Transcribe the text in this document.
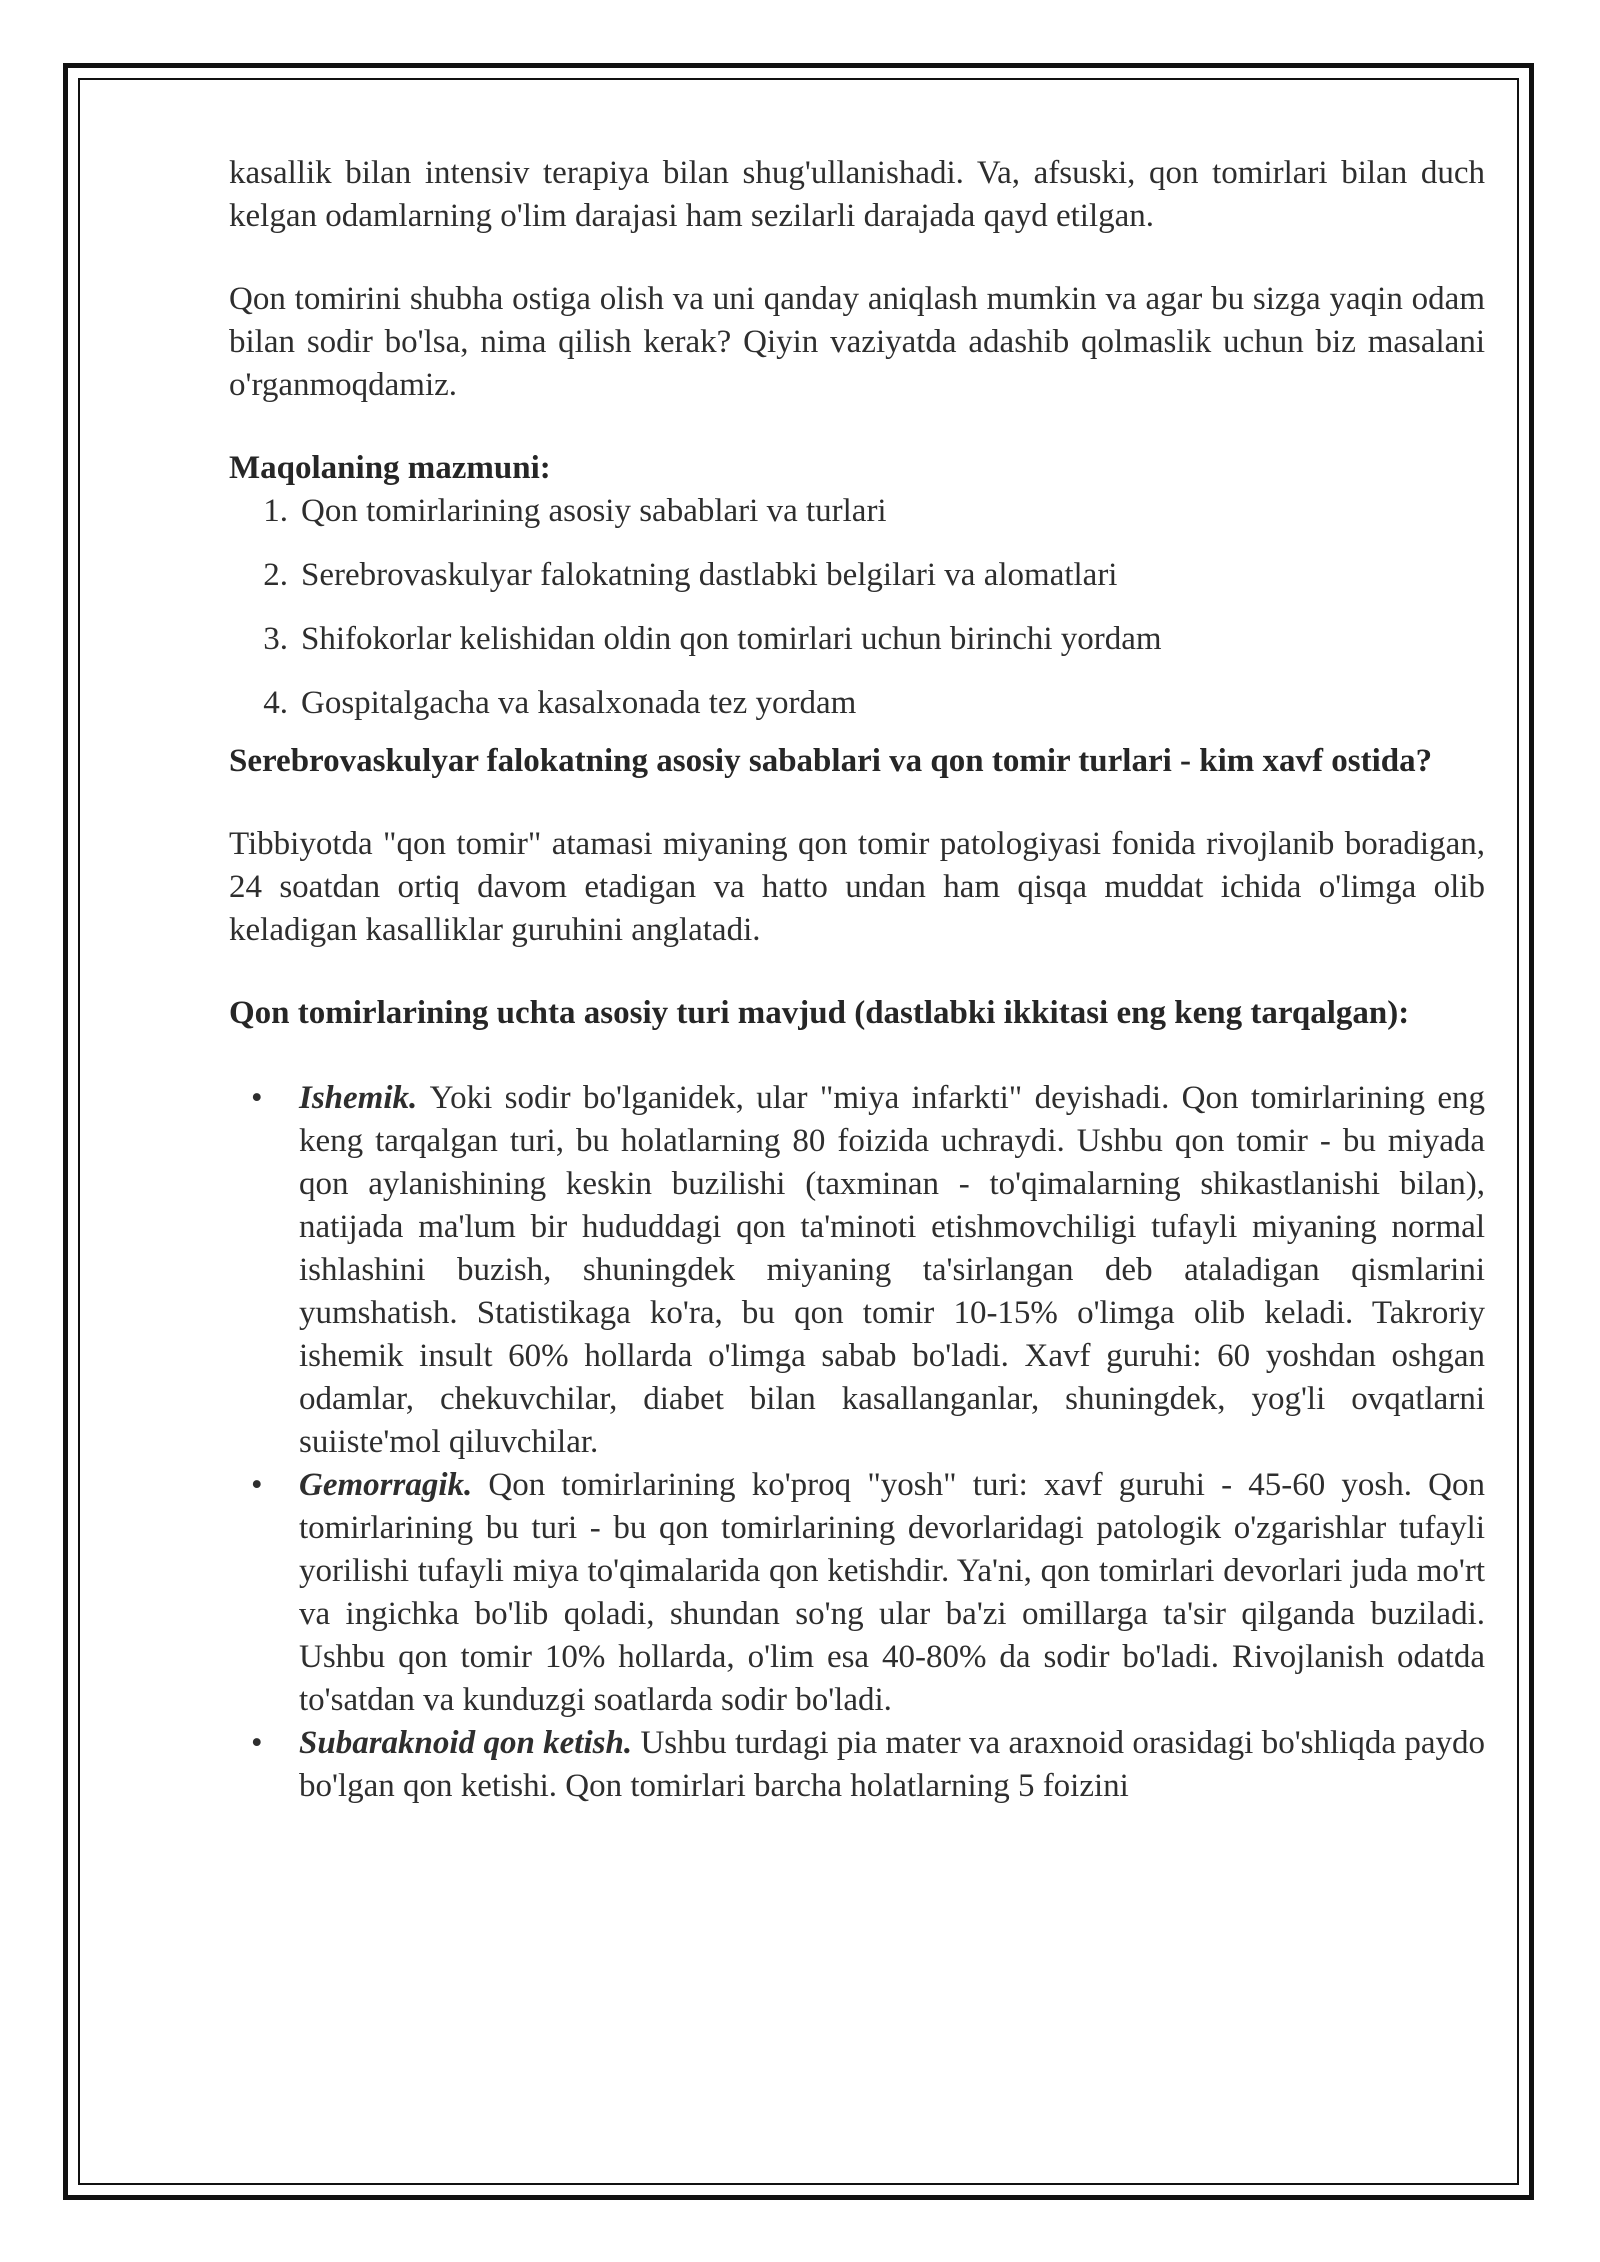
kasallik bilan intensiv terapiya bilan shug'ullanishadi. Va, afsuski, qon tomirlari bilan duch kelgan odamlarning o'lim darajasi ham sezilarli darajada qayd etilgan.

Qon tomirini shubha ostiga olish va uni qanday aniqlash mumkin va agar bu sizga yaqin odam bilan sodir bo'lsa, nima qilish kerak? Qiyin vaziyatda adashib qolmaslik uchun biz masalani o'rganmoqdamiz.

Maqolaning mazmuni:

1 . Qon tomirlarining asosiy sabablari va turlari
2 . Serebrovaskulyar falokatning dastlabki belgilari va alomatlari
3 . Shifokorlar kelishidan oldin qon tomirlari uchun birinchi yordam
4 . Gospitalgacha va kasalxonada tez yordam

Serebrovaskulyar falokatning asosiy sabablari va qon tomir turlari - kim xavf ostida?

Tibbiyotda "qon tomir" atamasi miyaning qon tomir patologiyasi fonida rivojlanib boradigan, 24 soatdan ortiq davom etadigan va hatto undan ham qisqa muddat ichida o'limga olib keladigan kasalliklar guruhini anglatadi.

Qon tomirlarining uchta asosiy turi mavjud (dastlabki ikkitasi eng keng tarqalgan):

• Ishemik. Yoki sodir bo'lganidek, ular "miya infarkti" deyishadi. Qon tomirlarining eng keng tarqalgan turi, bu holatlarning 80 foizida uchraydi. Ushbu qon tomir - bu miyada qon aylanishining keskin buzilishi (taxminan - to'qimalarning shikastlanishi bilan), natijada ma'lum bir hududdagi qon ta'minoti etishmovchiligi tufayli miyaning normal ishlashini buzish, shuningdek miyaning ta'sirlangan deb ataladigan qismlarini yumshatish. Statistikaga ko'ra, bu qon tomir 10-15% o'limga olib keladi. Takroriy ishemik insult 60% hollarda o'limga sabab bo'ladi. Xavf guruhi: 60 yoshdan oshgan odamlar, chekuvchilar, diabet bilan kasallanganlar, shuningdek, yog'li ovqatlarni suiiste'mol qiluvchilar.
• Gemorragik. Qon tomirlarining ko'proq "yosh" turi: xavf guruhi - 45-60 yosh. Qon tomirlarining bu turi - bu qon tomirlarining devorlaridagi patologik o'zgarishlar tufayli yorilishi tufayli miya to'qimalarida qon ketishdir. Ya'ni, qon tomirlari devorlari juda mo'rt va ingichka bo'lib qoladi, shundan so'ng ular ba'zi omillarga ta'sir qilganda buziladi. Ushbu qon tomir 10% hollarda, o'lim esa 40-80% da sodir bo'ladi. Rivojlanish odatda to'satdan va kunduzgi soatlarda sodir bo'ladi.
• Subaraknoid qon ketish. Ushbu turdagi pia mater va araxnoid orasidagi bo'shliqda paydo bo'lgan qon ketishi. Qon tomirlari barcha holatlarning 5 foizini
